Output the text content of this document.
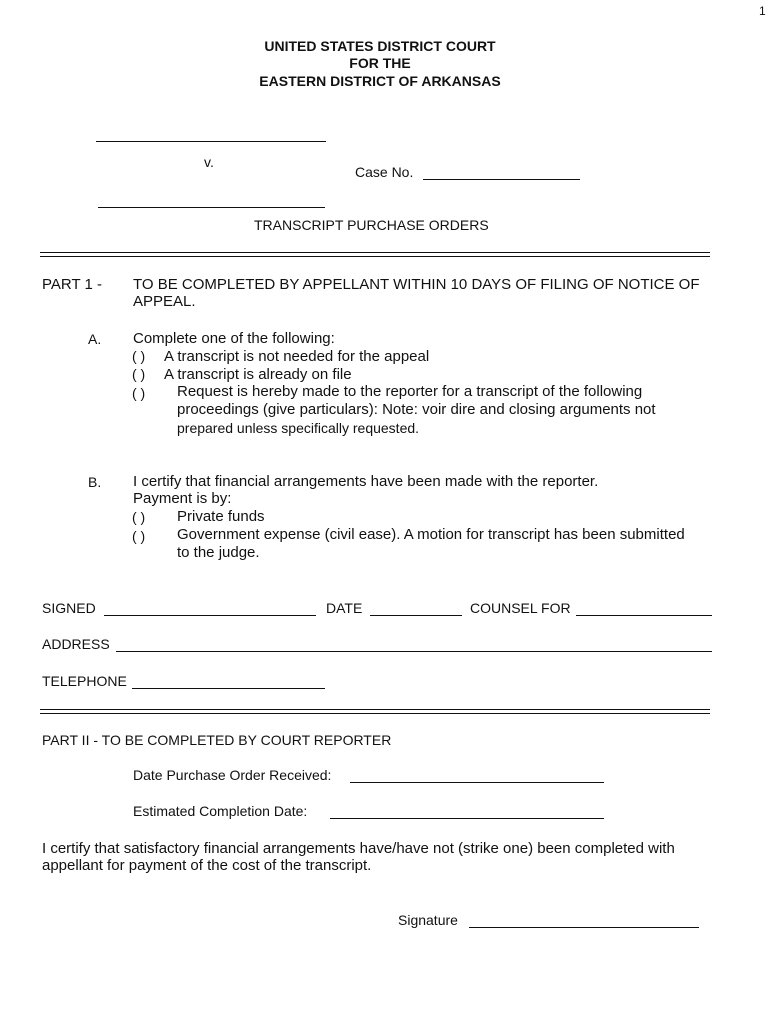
1
UNITED STATES DISTRICT COURT
FOR THE
EASTERN DISTRICT OF ARKANSAS
v.
Case No.
TRANSCRIPT PURCHASE ORDERS
PART 1 - TO BE COMPLETED BY APPELLANT WITHIN 10 DAYS OF FILING OF NOTICE OF
APPEAL.
A. Complete one of the following:
( ) A transcript is not needed for the appeal
( ) A transcript is already on file
( ) Request is hereby made to the reporter for a transcript of the following
proceedings (give particulars): Note: voir dire and closing arguments not
prepared unless specifically requested.
B. I certify that financial arrangements have been made with the reporter.
Payment is by:
( ) Private funds
( ) Government expense (civil ease). A motion for transcript has been submitted
to the judge.
SIGNED	DATE	COUNSEL FOR
ADDRESS
TELEPHONE
PART II - TO BE COMPLETED BY COURT REPORTER
Date Purchase Order Received:
Estimated Completion Date:
I certify that satisfactory financial arrangements have/have not (strike one) been completed with
appellant for payment of the cost of the transcript.
Signature
